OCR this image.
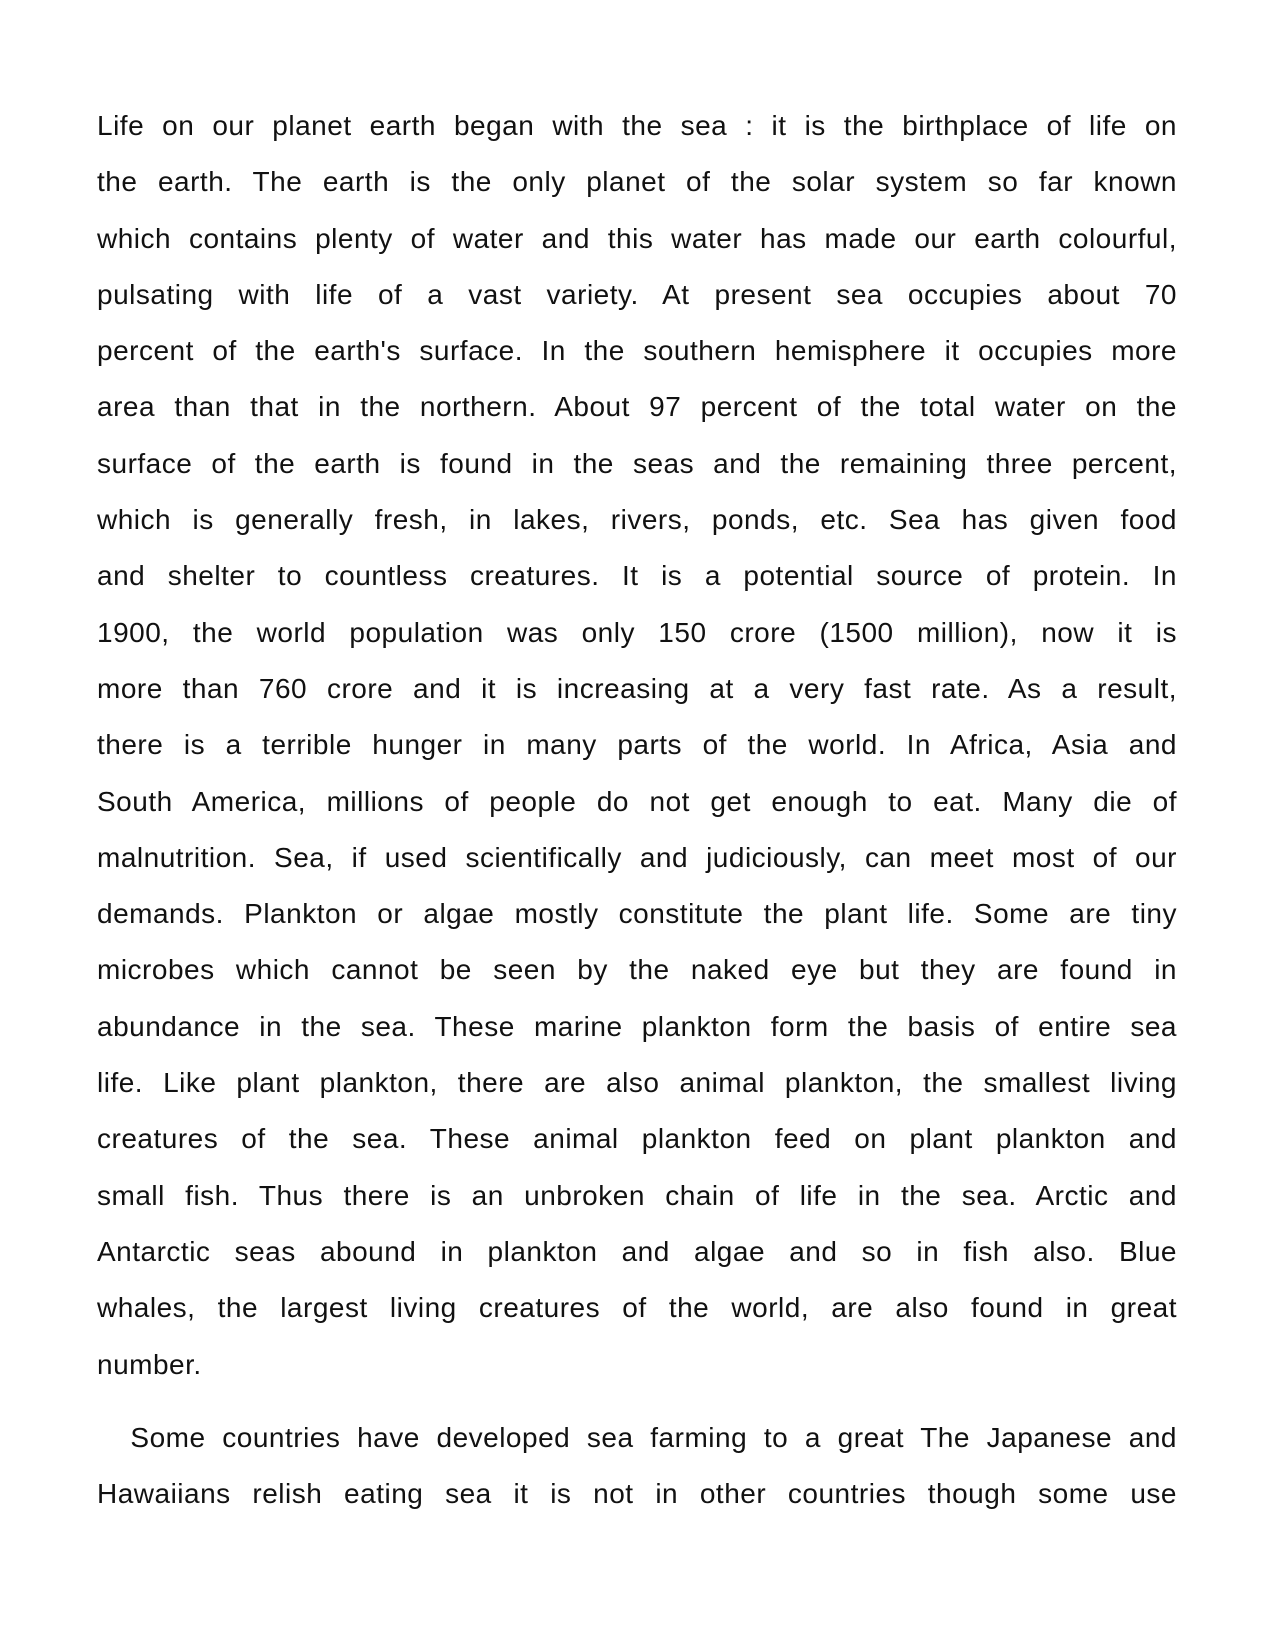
Life on our planet earth began with the sea : it is the birthplace of life on
the earth. The earth is the only planet of the solar system so far known
which contains plenty of water and this water has made our earth colourful,
pulsating with life of a vast variety. At present sea occupies about 70
percent of the earth's surface. In the southern hemisphere it occupies more
area than that in the northern. About 97 percent of the total water on the
surface of the earth is found in the seas and the remaining three percent,
which is generally fresh, in lakes, rivers, ponds, etc. Sea has given food
and shelter to countless creatures. It is a potential source of protein. In
1900, the world population was only 150 crore (1500 million), now it is
more than 760 crore and it is increasing at a very fast rate. As a result,
there is a terrible hunger in many parts of the world. In Africa, Asia and
South America, millions of people do not get enough to eat. Many die of
malnutrition. Sea, if used scientifically and judiciously, can meet most of our
demands. Plankton or algae mostly constitute the plant life. Some are tiny
microbes which cannot be seen by the naked eye but they are found in
abundance in the sea. These marine plankton form the basis of entire sea
life. Like plant plankton, there are also animal plankton, the smallest living
creatures of the sea. These animal plankton feed on plant plankton and
small fish. Thus there is an unbroken chain of life in the sea. Arctic and
Antarctic seas abound in plankton and algae and so in fish also. Blue
whales, the largest living creatures of the world, are also found in great
number.
Some countries have developed sea farming to a great The Japanese and
Hawaiians relish eating sea it is not in other countries though some use
